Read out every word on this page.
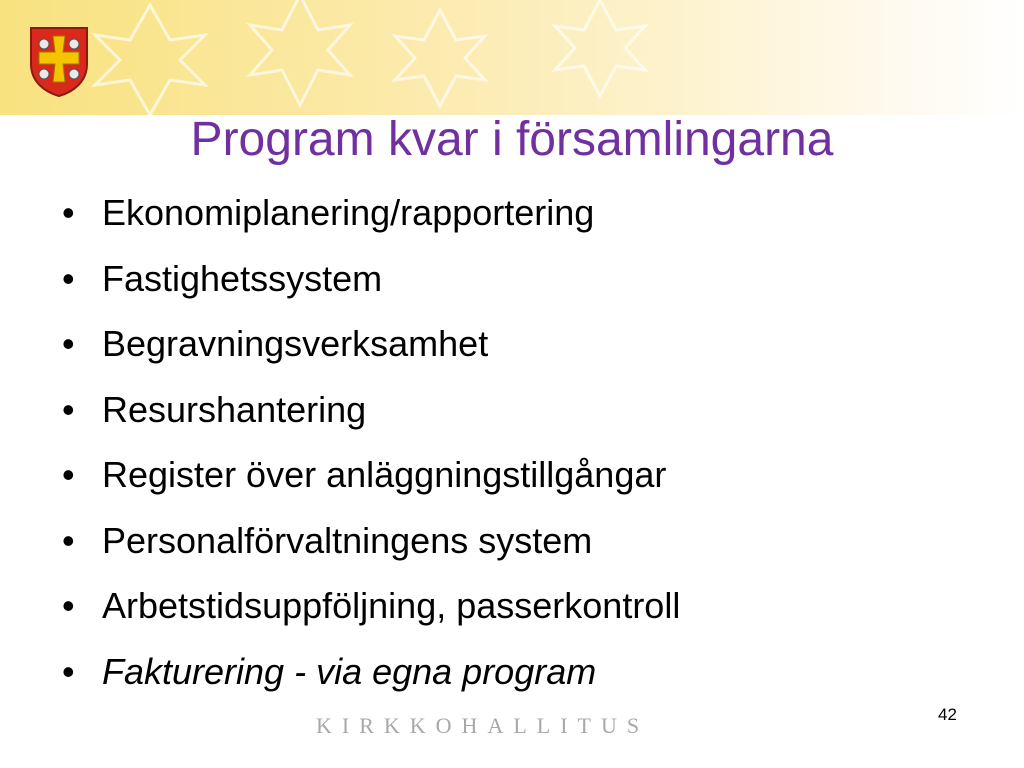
Program kvar i församlingarna
• Ekonomiplanering/rapportering
• Fastighetssystem
• Begravningsverksamhet
• Resurshantering
• Register över anläggningstillgångar
• Personalförvaltningens system
• Arbetstidsuppföljning, passerkontroll
• Fakturering - via egna program
KIRKKOHALLITUS	42
